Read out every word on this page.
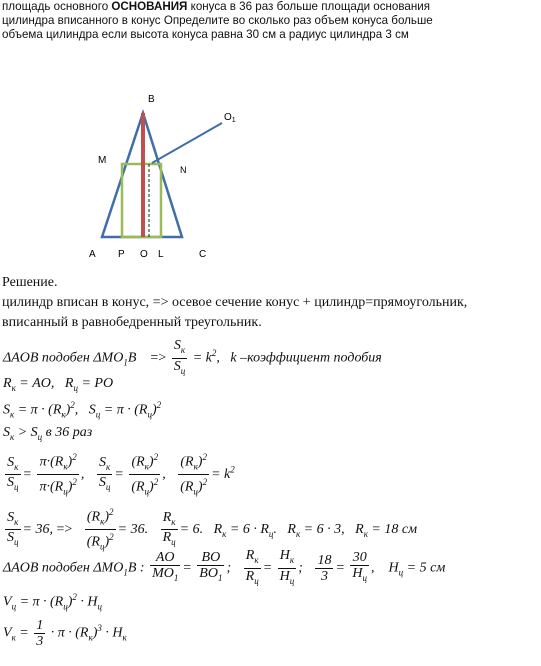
площадь основного ОСНОВАНИЯ конуса в 36 раз больше площади основания
цилиндра вписанного в конус Определите во сколько раз объем конуса больше
объема цилиндра если высота конуса равна 30 см а радиус цилиндра 3 см
B
$O_1$
M
N
A P O L	C
Решение.
цилиндр вписан в конус, => осевое сечение конус + цилиндр=прямоугольник,
вписанный в равнобедренный треугольник.
ΔAOB подобен $\Delta MO_1B => \frac{S_к}{S_ц} = k^2$,   k –коэффициент подобия
$R_к$ = AO,   $R_ц$ = PO
$S_к = \pi \cdot (R_к)^2$,   $S_ц = \pi \cdot (R_ц)^2$
$S_к > S_ц$ в 36 раз
$\frac{S_к}{S_ц} = \frac{\pi\cdot(R_к)^2}{\pi\cdot(R_ц)^2}$ , $\frac{S_к}{S_ц} = \frac{(R_к)^2}{(R_ц)^2}$ , $\frac{(R_к)^2}{(R_ц)^2} = k^2$
$\frac{S_к}{S_ц} = 36$, => $\frac{(R_к)^2}{(R_ц)^2} = 36$. $\frac{R_к}{R_ц} = 6$.   $R_к = 6 \cdot R_ц$.   $R_к = 6 \cdot 3$,   $R_к = 18$ см
ΔAOB подобен $\Delta MO_1B$ : $\frac{AO}{MO_1} = \frac{BO}{BO_1}$ ; $\frac{R_к}{R_ц} = \frac{H_к}{H_ц}$ ; $\frac{18}{3} = \frac{30}{H_ц}$ ,    $H_ц = 5$ см
$V_ц = \pi \cdot (R_ц)^2 \cdot H_ц$
$V_к = \frac{1}{3} \cdot \pi \cdot (R_к)^3 \cdot H_к$
